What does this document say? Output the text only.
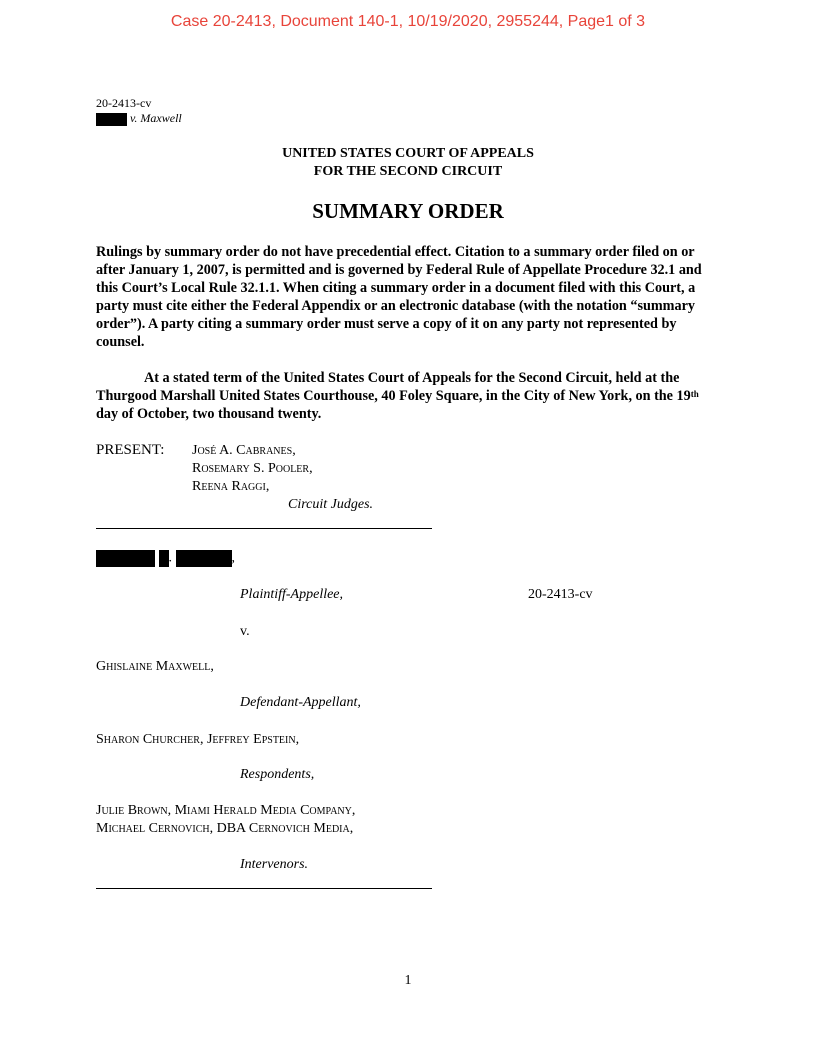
Case 20-2413, Document 140-1, 10/19/2020, 2955244, Page1 of 3
20-2413-cv
v. Maxwell
UNITED STATES COURT OF APPEALS
FOR THE SECOND CIRCUIT
SUMMARY ORDER
Rulings by summary order do not have precedential effect. Citation to a summary order filed on or after January 1, 2007, is permitted and is governed by Federal Rule of Appellate Procedure 32.1 and this Court’s Local Rule 32.1.1. When citing a summary order in a document filed with this Court, a party must cite either the Federal Appendix or an electronic database (with the notation “summary order”). A party citing a summary order must serve a copy of it on any party not represented by counsel.
At a stated term of the United States Court of Appeals for the Second Circuit, held at the Thurgood Marshall United States Courthouse, 40 Foley Square, in the City of New York, on the 19th day of October, two thousand twenty.
PRESENT: José A. Cabranes,
Rosemary S. Pooler,
Reena Raggi,
Circuit Judges.
.	,
Plaintiff-Appellee,	20-2413-cv
v.
Ghislaine Maxwell,
Defendant-Appellant,
Sharon Churcher, Jeffrey Epstein,
Respondents,
Julie Brown, Miami Herald Media Company,
Michael Cernovich, DBA Cernovich Media,
Intervenors.
1
